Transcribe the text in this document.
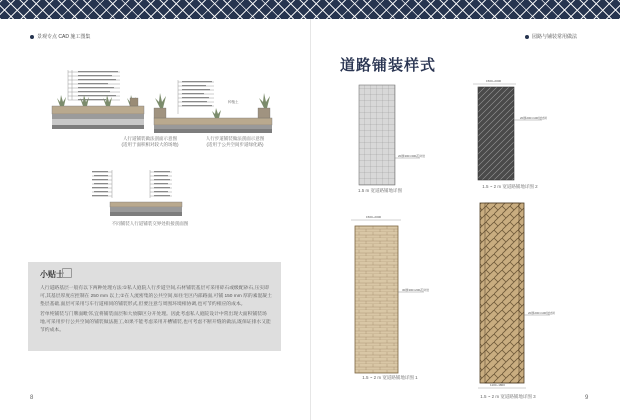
景观专点 CAD 施工图集	园路与铺装常用做法
种植土
人行道铺装做法剖面示意图
(适用于面积相对较大的场地)
人行步道铺装做法剖面示意图
(适用于公共空间步道绿化路)
不同铺装人行道铺装交界处衔接剖面图
小贴士

人行道路基层一般有以下两种处理方法:①私人庭院人行步道空间,石材铺装基层可采用碎石或级配砂石,压实即可,其基层厚度应控制在 250 mm 以上;②在人流密集的公共空间,如住宅区内部路面,可铺 150 mm 厚的素混凝土垫层基础,面层可采用与车行道相同的铺装形式,但要注意与周围环境相协调,也可节约相应的成本。

若单纯铺装与门牌面毗邻,宜将铺装面层和大放脚区分开处理。因此考虑私人庭院设计中常出现大面积铺装场地,可采用步行公共空间的铺装做法施工,如果不能考虑采用开槽铺装,也可考虑不断开缝的做法,既保证排水又能节约成本。

道路铺装样式
20厚300×300花岗岩
1500~2000
20厚200×100烧结砖
1500~2000
30厚300×200花岗岩
1100~1800
20厚200×100烧结砖
1.5 m 宽道路铺地详图
1.5 ~ 2 m 宽道路铺地详图 2
1.5 ~ 2 m 宽道路铺地详图 1
1.5 ~ 2 m 宽道路铺地详图 3
8	9
